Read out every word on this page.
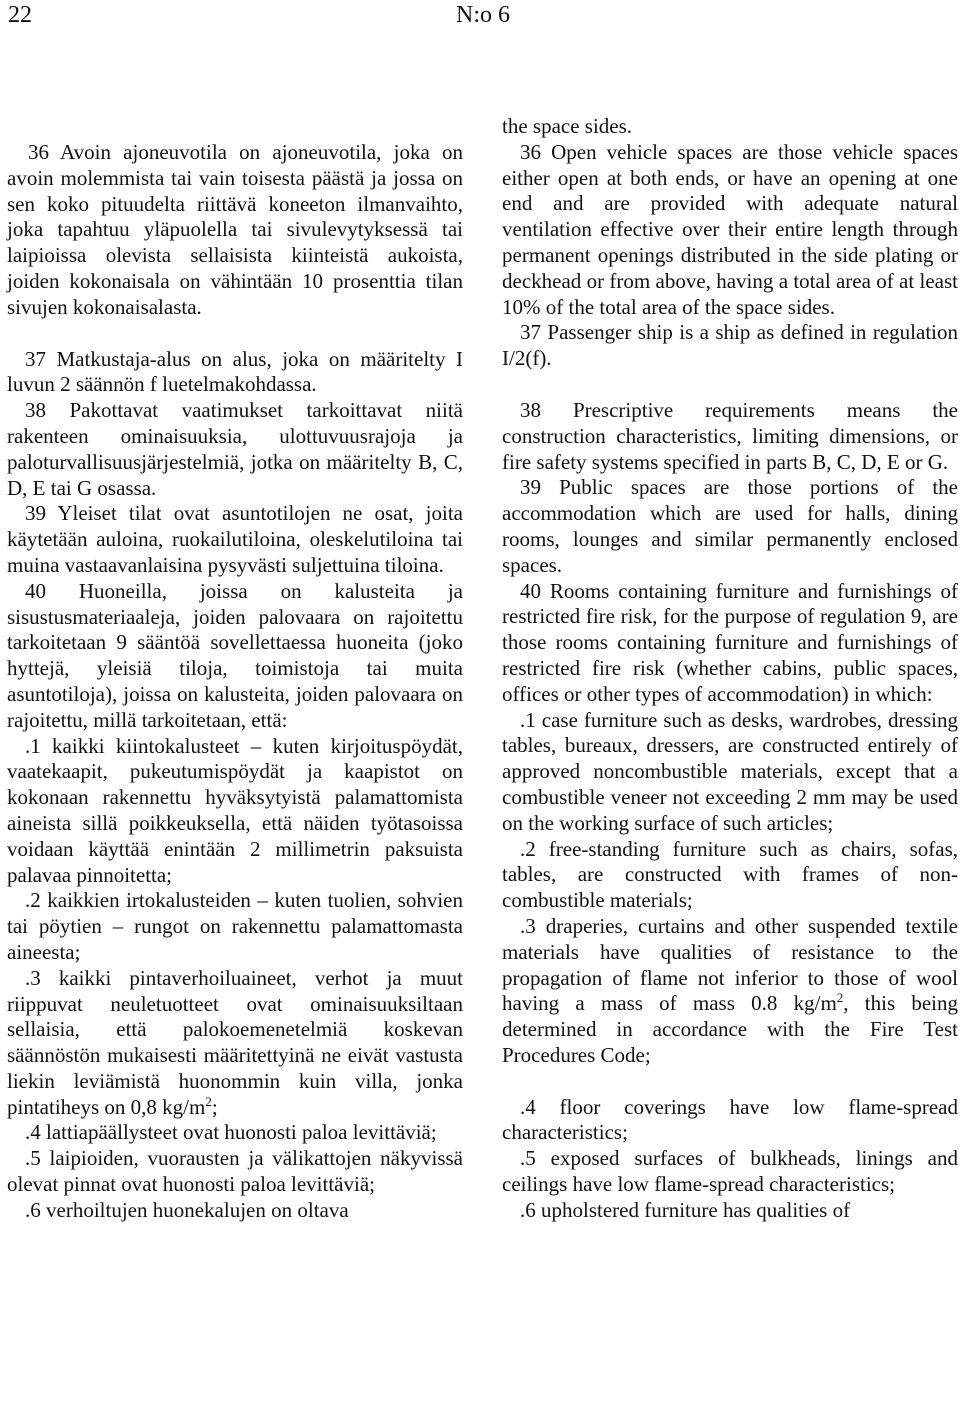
22	N:o 6

36 Avoin ajoneuvotila on ajoneuvotila, joka on avoin molemmista tai vain toisesta päästä ja jossa on sen koko pituudelta riittävä koneeton ilmanvaihto, joka tapahtuu yläpuolella tai sivulevytyksessä tai laipioissa olevista sellaisista kiinteistä aukoista, joiden kokonaisala on vähintään 10 prosenttia tilan sivujen kokonaisalasta.

37 Matkustaja-alus on alus, joka on määritelty I luvun 2 säännön f luetelmakohdassa.

38 Pakottavat vaatimukset tarkoittavat niitä rakenteen ominaisuuksia, ulottuvuusrajoja ja paloturvallisuusjärjestelmiä, jotka on määritelty B, C, D, E tai G osassa.

39 Yleiset tilat ovat asuntotilojen ne osat, joita käytetään auloina, ruokailutiloina, oleskelutiloina tai muina vastaavanlaisina pysyvästi suljettuina tiloina.

40 Huoneilla, joissa on kalusteita ja sisustusmateriaaleja, joiden palovaara on rajoitettu tarkoitetaan 9 sääntöä sovellettaessa huoneita (joko hyttejä, yleisiä tiloja, toimistoja tai muita asuntotiloja), joissa on kalusteita, joiden palovaara on rajoitettu, millä tarkoitetaan, että:

.1 kaikki kiintokalusteet – kuten kirjoituspöydät, vaatekaapit, pukeutumispöydät ja kaapistot on kokonaan rakennettu hyväksytyistä palamattomista aineista sillä poikkeuksella, että näiden työtasoissa voidaan käyttää enintään 2 millimetrin paksuista palavaa pinnoitetta;

.2 kaikkien irtokalusteiden – kuten tuolien, sohvien tai pöytien – rungot on rakennettu palamattomasta aineesta;

.3 kaikki pintaverhoiluaineet, verhot ja muut riippuvat neuletuotteet ovat ominaisuuksiltaan sellaisia, että palokoemenetelmiä koskevan säännöstön mukaisesti määritettyinä ne eivät vastusta liekin leviämistä huonommin kuin villa, jonka pintatiheys on 0,8 $kg/m^2$;

.4 lattiapäällysteet ovat huonosti paloa levittäviä;

.5 laipioiden, vuorausten ja välikattojen näkyvissä olevat pinnat ovat huonosti paloa levittäviä;

.6 verhoiltujen huonekalujen on oltava

the space sides.

36 Open vehicle spaces are those vehicle spaces either open at both ends, or have an opening at one end and are provided with adequate natural ventilation effective over their entire length through permanent openings distributed in the side plating or deckhead or from above, having a total area of at least 10% of the total area of the space sides.

37 Passenger ship is a ship as defined in regulation I/2(f).

38 Prescriptive requirements means the construction characteristics, limiting dimensions, or fire safety systems specified in parts B, C, D, E or G.

39 Public spaces are those portions of the accommodation which are used for halls, dining rooms, lounges and similar permanently enclosed spaces.

40 Rooms containing furniture and furnishings of restricted fire risk, for the purpose of regulation 9, are those rooms containing furniture and furnishings of restricted fire risk (whether cabins, public spaces, offices or other types of accommodation) in which:

.1 case furniture such as desks, wardrobes, dressing tables, bureaux, dressers, are constructed entirely of approved noncombustible materials, except that a combustible veneer not exceeding 2 mm may be used on the working surface of such articles;

.2 free-standing furniture such as chairs, sofas, tables, are constructed with frames of non-combustible materials;

.3 draperies, curtains and other suspended textile materials have qualities of resistance to the propagation of flame not inferior to those of wool having a mass of mass 0.8 $kg/m^2$, this being determined in accordance with the Fire Test Procedures Code;

.4 floor coverings have low flame-spread characteristics;

.5 exposed surfaces of bulkheads, linings and ceilings have low flame-spread characteristics;

.6 upholstered furniture has qualities of
